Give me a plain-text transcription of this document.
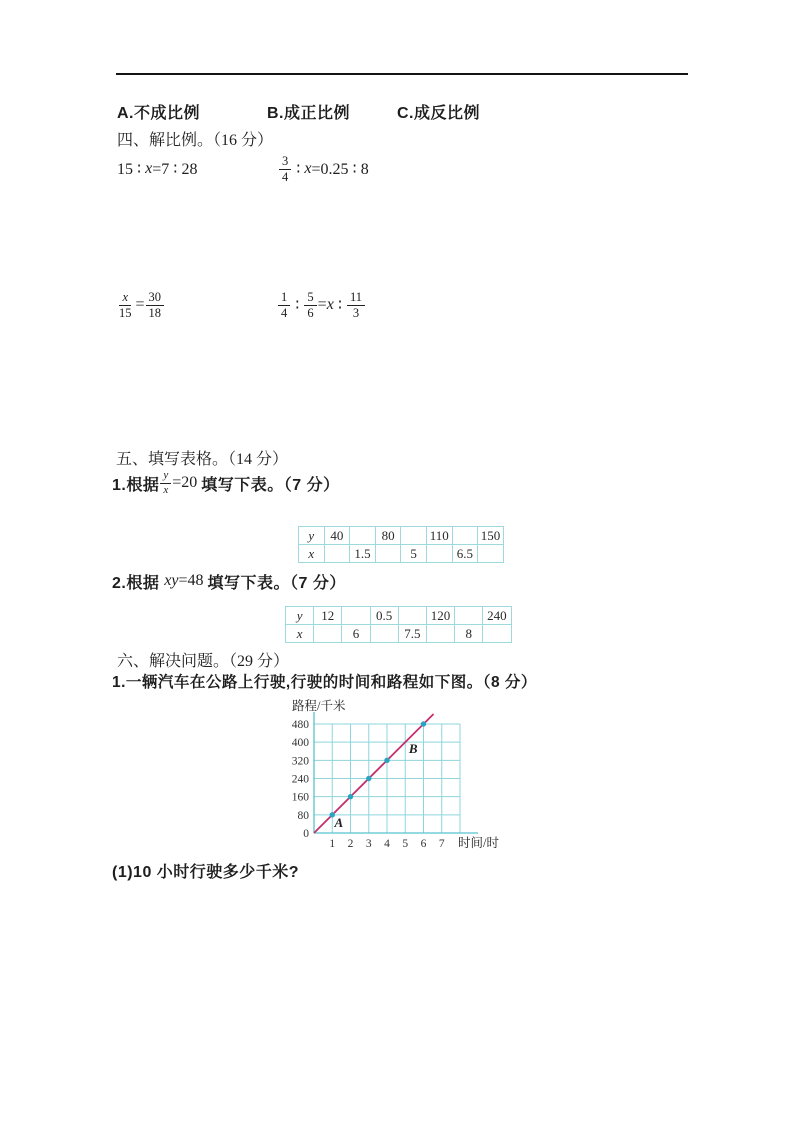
A.不成比例	B.成正比例	C.成反比例
四、解比例。（16 分）
15 ∶ x =7 ∶ 28	$\frac{3}{4}$ ∶ x =0.25 ∶ 8
$\frac{x}{15} = \frac{30}{18}$	$\frac{1}{4}$ ∶ $\frac{5}{6} = x$ ∶ $\frac{11}{3}$
五、填写表格。（14 分）
1.根据 $\frac{y}{x} =20$ 填写下表。（7 分）
y	40		80		110		150
x		1.5		5		6.5	
2.根据 xy =48 填写下表。（7 分）
y	12		0.5		120		240
x		6		7.5		8	
六、解决问题。（29 分）
1.一辆汽车在公路上行驶,行驶的时间和路程如下图。（8 分）
0
80
160
240
320
400
480
1 2 3 4 5 6 7
A
B
路程/千米
时间/时
(1)10 小时行驶多少千米?
